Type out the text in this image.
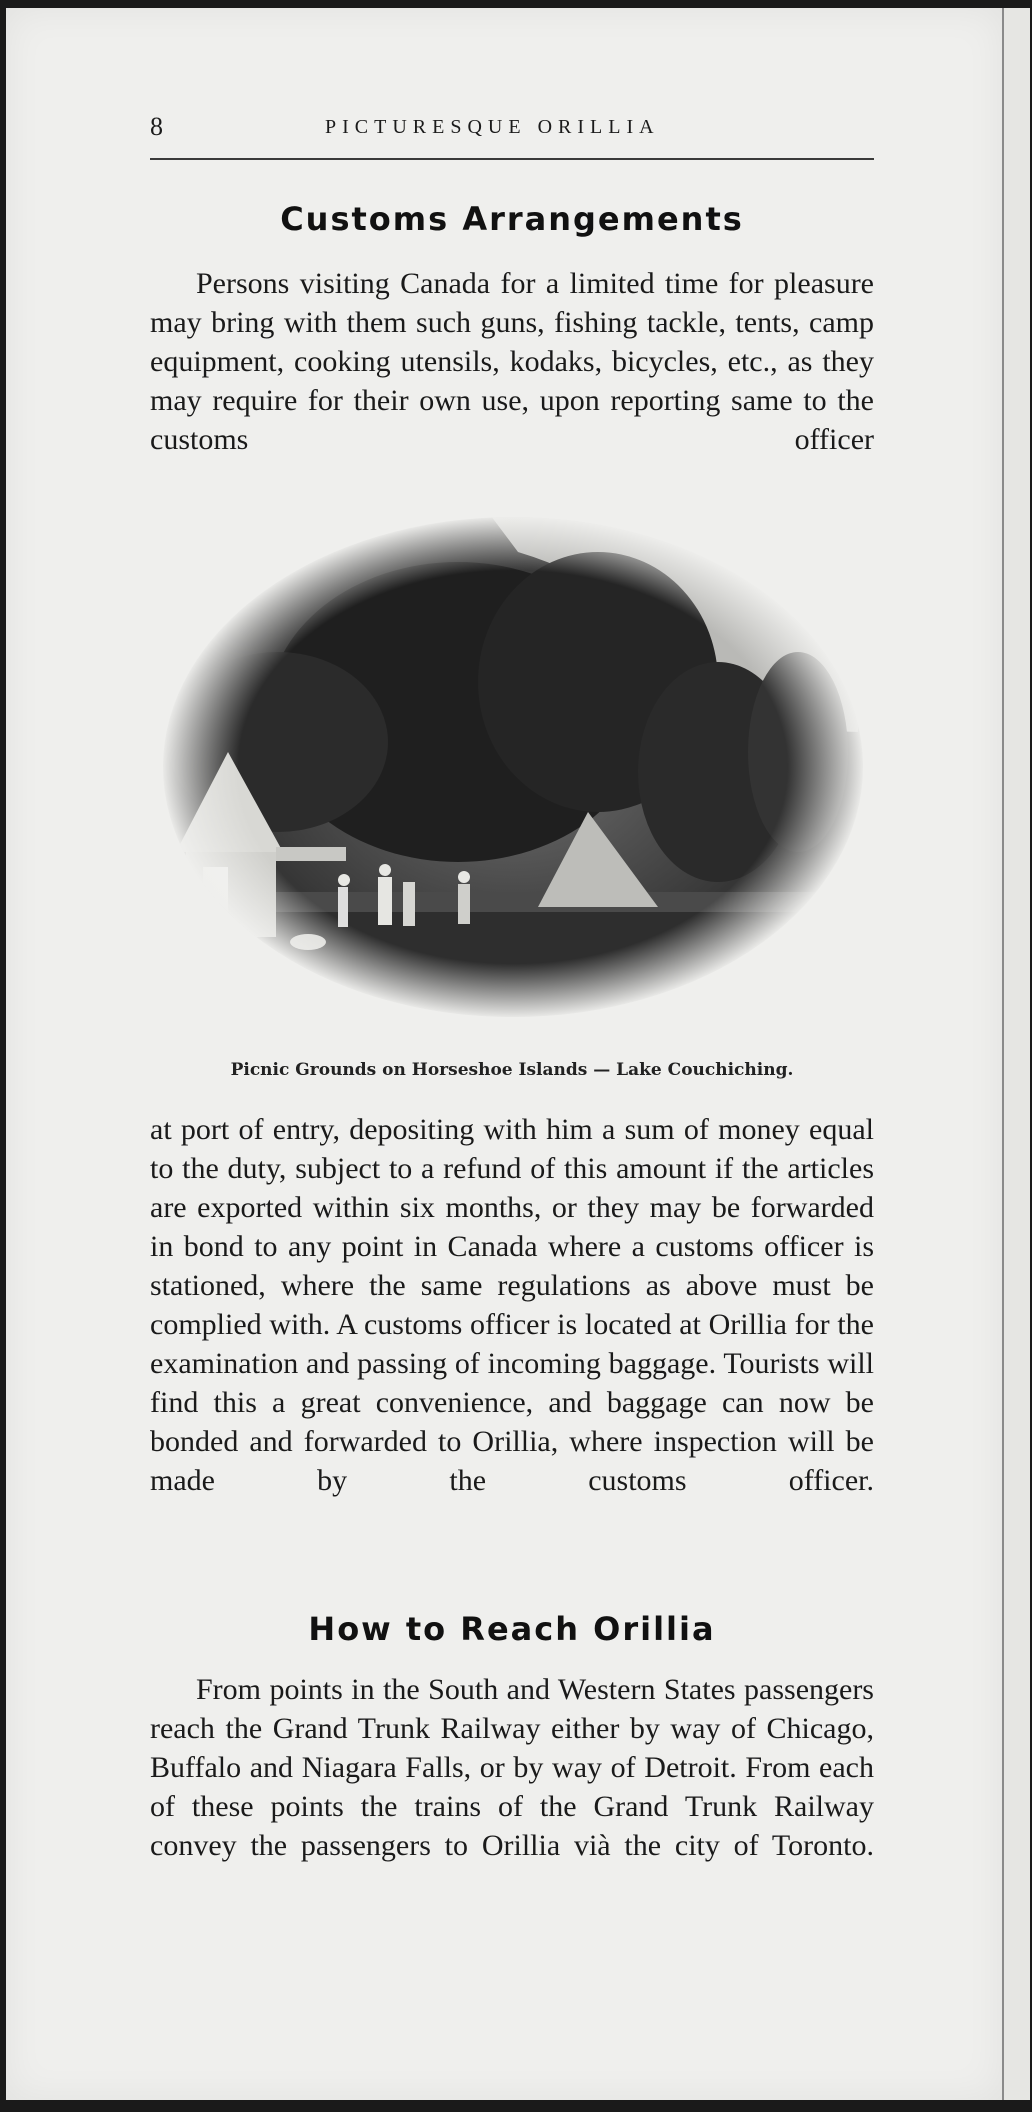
8	PICTURESQUE ORILLIA
Customs Arrangements

Persons visiting Canada for a limited time for pleasure may bring with them such guns, fishing tackle, tents, camp equipment, cooking utensils, kodaks, bicycles, etc., as they may require for their own use, upon reporting same to the customs officer

Picnic Grounds on Horseshoe Islands — Lake Couchiching.

at port of entry, depositing with him a sum of money equal to the duty, subject to a refund of this amount if the articles are exported within six months, or they may be forwarded in bond to any point in Canada where a customs officer is stationed, where the same regulations as above must be complied with. A customs officer is located at Orillia for the examination and passing of incoming baggage. Tourists will find this a great convenience, and baggage can now be bonded and forwarded to Orillia, where inspection will be made by the customs officer.

How to Reach Orillia

From points in the South and Western States passengers reach the Grand Trunk Railway either by way of Chicago, Buffalo and Niagara Falls, or by way of Detroit. From each of these points the trains of the Grand Trunk Railway convey the passengers to Orillia vià the city of Toronto.
